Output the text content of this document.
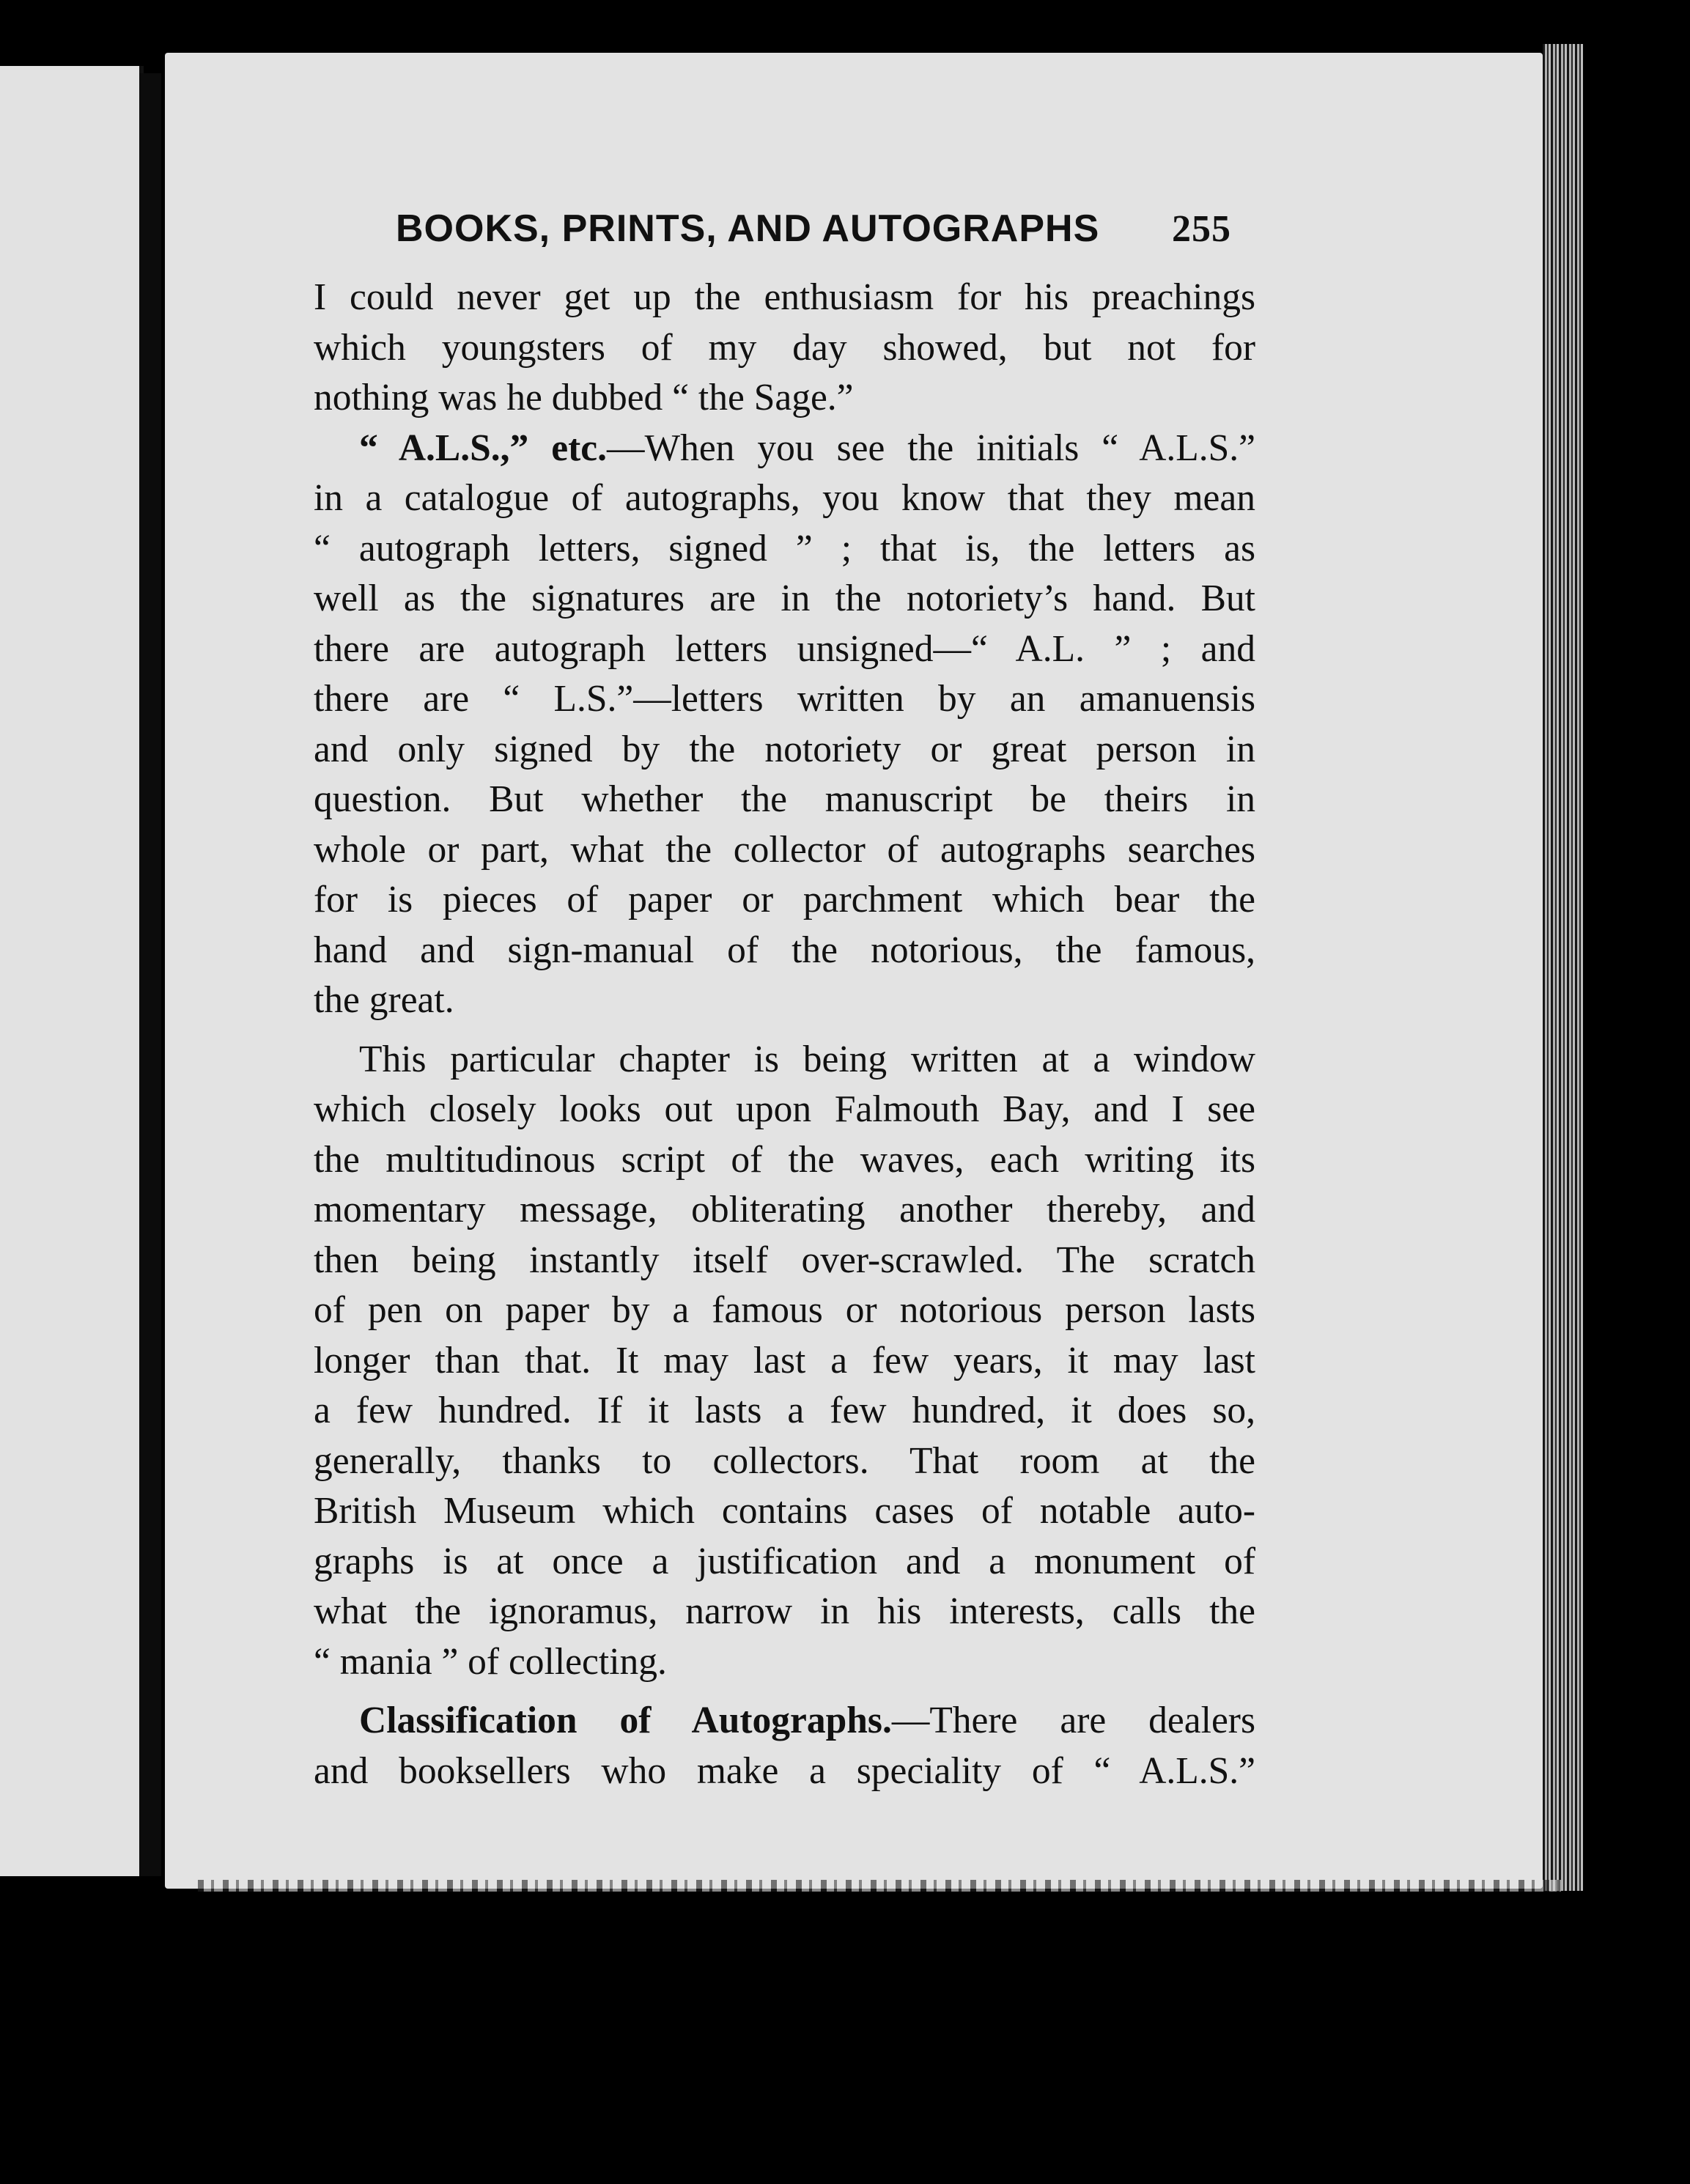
BOOKS, PRINTS, AND AUTOGRAPHS 255
I could never get up the enthusiasm for his preachings
which youngsters of my day showed, but not for
nothing was he dubbed “ the Sage.”
“ A.L.S.,” etc.—When you see the initials “ A.L.S.”
in a catalogue of autographs, you know that they mean
“ autograph letters, signed ” ; that is, the letters as
well as the signatures are in the notoriety’s hand. But
there are autograph letters unsigned—“ A.L. ” ; and
there are “ L.S.”—letters written by an amanuensis
and only signed by the notoriety or great person in
question. But whether the manuscript be theirs in
whole or part, what the collector of autographs searches
for is pieces of paper or parchment which bear the
hand and sign-manual of the notorious, the famous,
the great.
This particular chapter is being written at a window
which closely looks out upon Falmouth Bay, and I see
the multitudinous script of the waves, each writing its
momentary message, obliterating another thereby, and
then being instantly itself over-scrawled. The scratch
of pen on paper by a famous or notorious person lasts
longer than that. It may last a few years, it may last
a few hundred. If it lasts a few hundred, it does so,
generally, thanks to collectors. That room at the
British Museum which contains cases of notable auto-
graphs is at once a justification and a monument of
what the ignoramus, narrow in his interests, calls the
“ mania ” of collecting.
Classification of Autographs.—There are dealers
and booksellers who make a speciality of “ A.L.S.”
